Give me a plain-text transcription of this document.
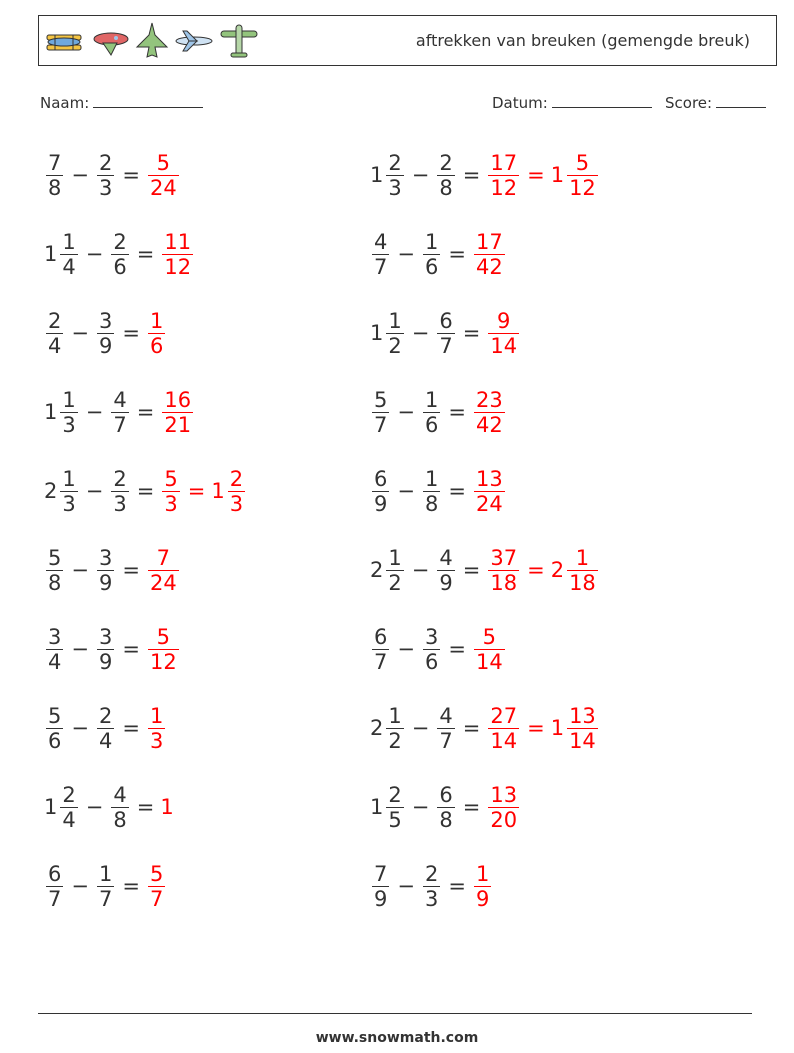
aftrekken van breuken (gemengde breuk)
Naam:	Datum:	Score:
$\frac{7}{8} - \frac{2}{3} = \frac{5}{24}$	$1 \frac{2}{3} - \frac{2}{8} = \frac{17}{12} = 1 \frac{5}{12}$
$1 \frac{1}{4} - \frac{2}{6} = \frac{11}{12}$	$\frac{4}{7} - \frac{1}{6} = \frac{17}{42}$
$\frac{2}{4} - \frac{3}{9} = \frac{1}{6}$	$1 \frac{1}{2} - \frac{6}{7} = \frac{9}{14}$
$1 \frac{1}{3} - \frac{4}{7} = \frac{16}{21}$	$\frac{5}{7} - \frac{1}{6} = \frac{23}{42}$
$2 \frac{1}{3} - \frac{2}{3} = \frac{5}{3} = 1 \frac{2}{3}$	$\frac{6}{9} - \frac{1}{8} = \frac{13}{24}$
$\frac{5}{8} - \frac{3}{9} = \frac{7}{24}$	$2 \frac{1}{2} - \frac{4}{9} = \frac{37}{18} = 2 \frac{1}{18}$
$\frac{3}{4} - \frac{3}{9} = \frac{5}{12}$	$\frac{6}{7} - \frac{3}{6} = \frac{5}{14}$
$\frac{5}{6} - \frac{2}{4} = \frac{1}{3}$	$2 \frac{1}{2} - \frac{4}{7} = \frac{27}{14} = 1 \frac{13}{14}$
$1 \frac{2}{4} - \frac{4}{8} = 1$	$1 \frac{2}{5} - \frac{6}{8} = \frac{13}{20}$
$\frac{6}{7} - \frac{1}{7} = \frac{5}{7}$	$\frac{7}{9} - \frac{2}{3} = \frac{1}{9}$
www.snowmath.com
